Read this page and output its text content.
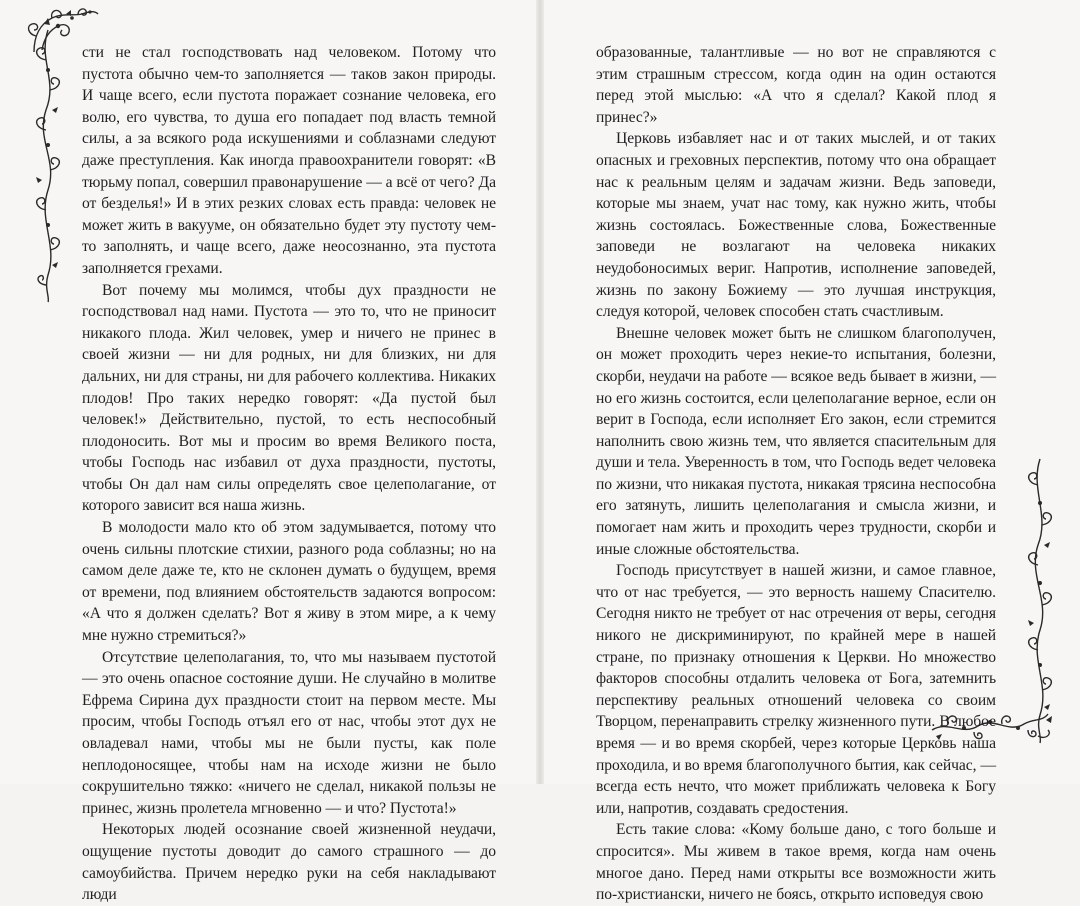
сти не стал господствовать над человеком. Потому что пустота обычно чем-то заполняется — таков закон природы. И чаще всего, если пустота поражает сознание человека, его волю, его чувства, то душа его попадает под власть темной силы, а за всякого рода искушениями и соблазнами следуют даже преступления. Как иногда правоохранители говорят: «В тюрьму попал, совершил правонарушение — а всё от чего? Да от безделья!» И в этих резких словах есть правда: человек не может жить в вакууме, он обязательно будет эту пустоту чем-то заполнять, и чаще всего, даже неосознанно, эта пустота заполняется грехами.

Вот почему мы молимся, чтобы дух праздности не господствовал над нами. Пустота — это то, что не приносит никакого плода. Жил человек, умер и ничего не принес в своей жизни — ни для родных, ни для близких, ни для дальних, ни для страны, ни для рабочего коллектива. Никаких плодов! Про таких нередко говорят: «Да пустой был человек!» Действительно, пустой, то есть неспособный плодоносить. Вот мы и просим во время Великого поста, чтобы Господь нас избавил от духа праздности, пустоты, чтобы Он дал нам силы определять свое целеполагание, от которого зависит вся наша жизнь.

В молодости мало кто об этом задумывается, потому что очень сильны плотские стихии, разного рода соблазны; но на самом деле даже те, кто не склонен думать о будущем, время от времени, под влиянием обстоятельств задаются вопросом: «А что я должен сделать? Вот я живу в этом мире, а к чему мне нужно стремиться?»

Отсутствие целеполагания, то, что мы называем пустотой — это очень опасное состояние души. Не случайно в молитве Ефрема Сирина дух праздности стоит на первом месте. Мы просим, чтобы Господь отъял его от нас, чтобы этот дух не овладевал нами, чтобы мы не были пусты, как поле неплодоносящее, чтобы нам на исходе жизни не было сокрушительно тяжко: «ничего не сделал, никакой пользы не принес, жизнь пролетела мгновенно — и что? Пустота!»

Некоторых людей осознание своей жизненной неудачи, ощущение пустоты доводит до самого страшного — до самоубийства. Причем нередко руки на себя накладывают люди

образованные, талантливые — но вот не справляются с этим страшным стрессом, когда один на один остаются перед этой мыслью: «А что я сделал? Какой плод я принес?»

Церковь избавляет нас и от таких мыслей, и от таких опасных и греховных перспектив, потому что она обращает нас к реальным целям и задачам жизни. Ведь заповеди, которые мы знаем, учат нас тому, как нужно жить, чтобы жизнь состоялась. Божественные слова, Божественные заповеди не возлагают на человека никаких неудобоносимых вериг. Напротив, исполнение заповедей, жизнь по закону Божиему — это лучшая инструкция, следуя которой, человек способен стать счастливым.

Внешне человек может быть не слишком благополучен, он может проходить через некие-то испытания, болезни, скорби, неудачи на работе — всякое ведь бывает в жизни, — но его жизнь состоится, если целеполагание верное, если он верит в Господа, если исполняет Его закон, если стремится наполнить свою жизнь тем, что является спасительным для души и тела. Уверенность в том, что Господь ведет человека по жизни, что никакая пустота, никакая трясина неспособна его затянуть, лишить целеполагания и смысла жизни, и помогает нам жить и проходить через трудности, скорби и иные сложные обстоятельства.

Господь присутствует в нашей жизни, и самое главное, что от нас требуется, — это верность нашему Спасителю. Сегодня никто не требует от нас отречения от веры, сегодня никого не дискриминируют, по крайней мере в нашей стране, по признаку отношения к Церкви. Но множество факторов способны отдалить человека от Бога, затемнить перспективу реальных отношений человека со своим Творцом, перенаправить стрелку жизненного пути. В любое время — и во время скорбей, через которые Церковь наша проходила, и во время благополучного бытия, как сейчас, — всегда есть нечто, что может приближать человека к Богу или, напротив, создавать средостения.

Есть такие слова: «Кому больше дано, с того больше и спросится». Мы живем в такое время, когда нам очень многое дано. Перед нами открыты все возможности жить по-христиански, ничего не боясь, открыто исповедуя свою
